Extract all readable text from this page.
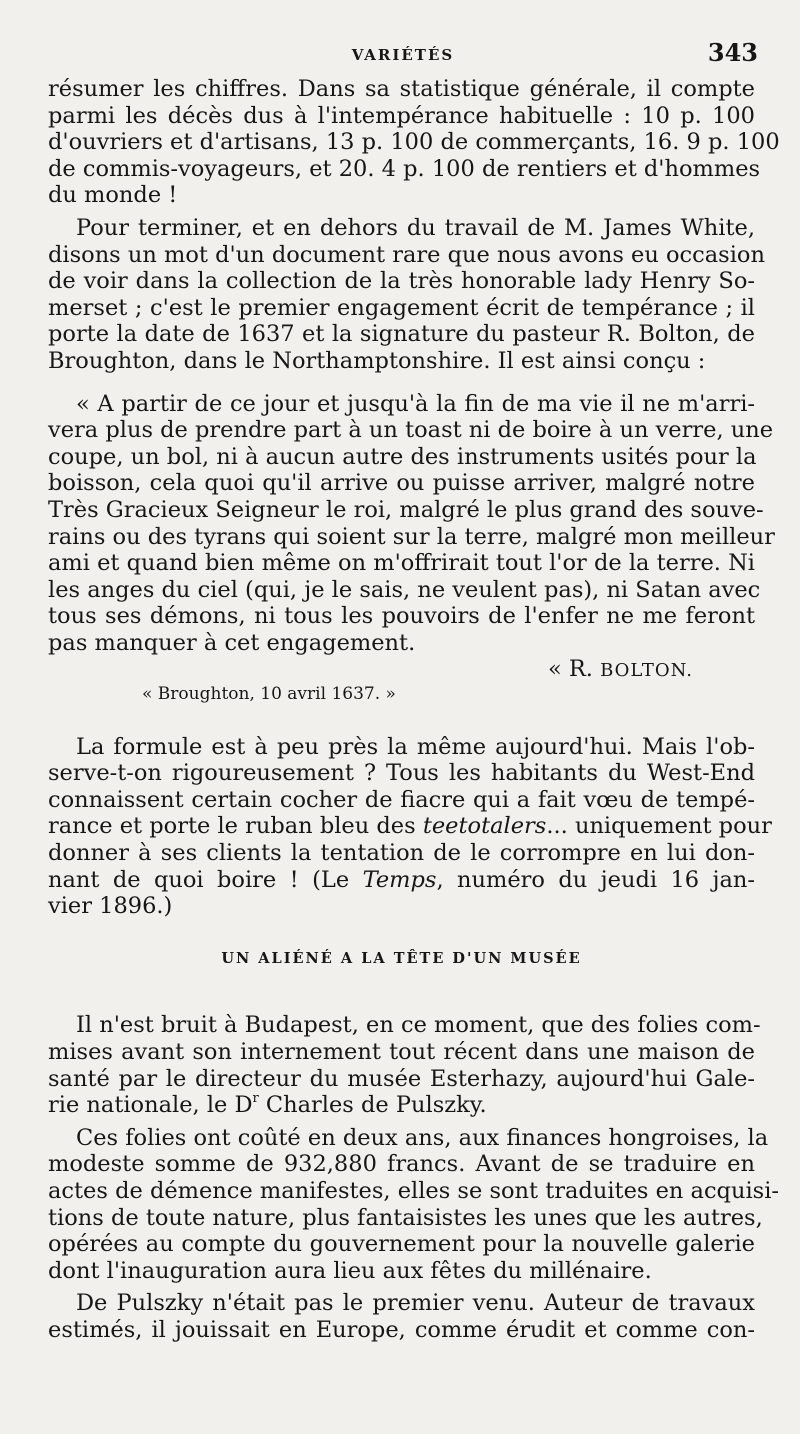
VARIÉTÉS	343
résumer les chiffres. Dans sa statistique générale, il compte
parmi les décès dus à l'intempérance habituelle : 10 p. 100
d'ouvriers et d'artisans, 13 p. 100 de commerçants, 16. 9 p. 100
de commis-voyageurs, et 20. 4 p. 100 de rentiers et d'hommes
du monde !
Pour terminer, et en dehors du travail de M. James White,
disons un mot d'un document rare que nous avons eu occasion
de voir dans la collection de la très honorable lady Henry So-
merset ; c'est le premier engagement écrit de tempérance ; il
porte la date de 1637 et la signature du pasteur R. Bolton, de
Broughton, dans le Northamptonshire. Il est ainsi conçu :
« A partir de ce jour et jusqu'à la fin de ma vie il ne m'arri-
vera plus de prendre part à un toast ni de boire à un verre, une
coupe, un bol, ni à aucun autre des instruments usités pour la
boisson, cela quoi qu'il arrive ou puisse arriver, malgré notre
Très Gracieux Seigneur le roi, malgré le plus grand des souve-
rains ou des tyrans qui soient sur la terre, malgré mon meilleur
ami et quand bien même on m'offrirait tout l'or de la terre. Ni
les anges du ciel (qui, je le sais, ne veulent pas), ni Satan avec
tous ses démons, ni tous les pouvoirs de l'enfer ne me feront
pas manquer à cet engagement.
« R. BOLTON.
« Broughton, 10 avril 1637. »
La formule est à peu près la même aujourd'hui. Mais l'ob-
serve-t-on rigoureusement ? Tous les habitants du West-End
connaissent certain cocher de fiacre qui a fait vœu de tempé-
rance et porte le ruban bleu des teetotalers... uniquement pour
donner à ses clients la tentation de le corrompre en lui don-
nant de quoi boire ! (Le Temps, numéro du jeudi 16 jan-
vier 1896.)
UN ALIÉNÉ A LA TÊTE D'UN MUSÉE
Il n'est bruit à Budapest, en ce moment, que des folies com-
mises avant son internement tout récent dans une maison de
santé par le directeur du musée Esterhazy, aujourd'hui Gale-
rie nationale, le $D^r$ Charles de Pulszky.
Ces folies ont coûté en deux ans, aux finances hongroises, la
modeste somme de 932,880 francs. Avant de se traduire en
actes de démence manifestes, elles se sont traduites en acquisi-
tions de toute nature, plus fantaisistes les unes que les autres,
opérées au compte du gouvernement pour la nouvelle galerie
dont l'inauguration aura lieu aux fêtes du millénaire.
De Pulszky n'était pas le premier venu. Auteur de travaux
estimés, il jouissait en Europe, comme érudit et comme con-
